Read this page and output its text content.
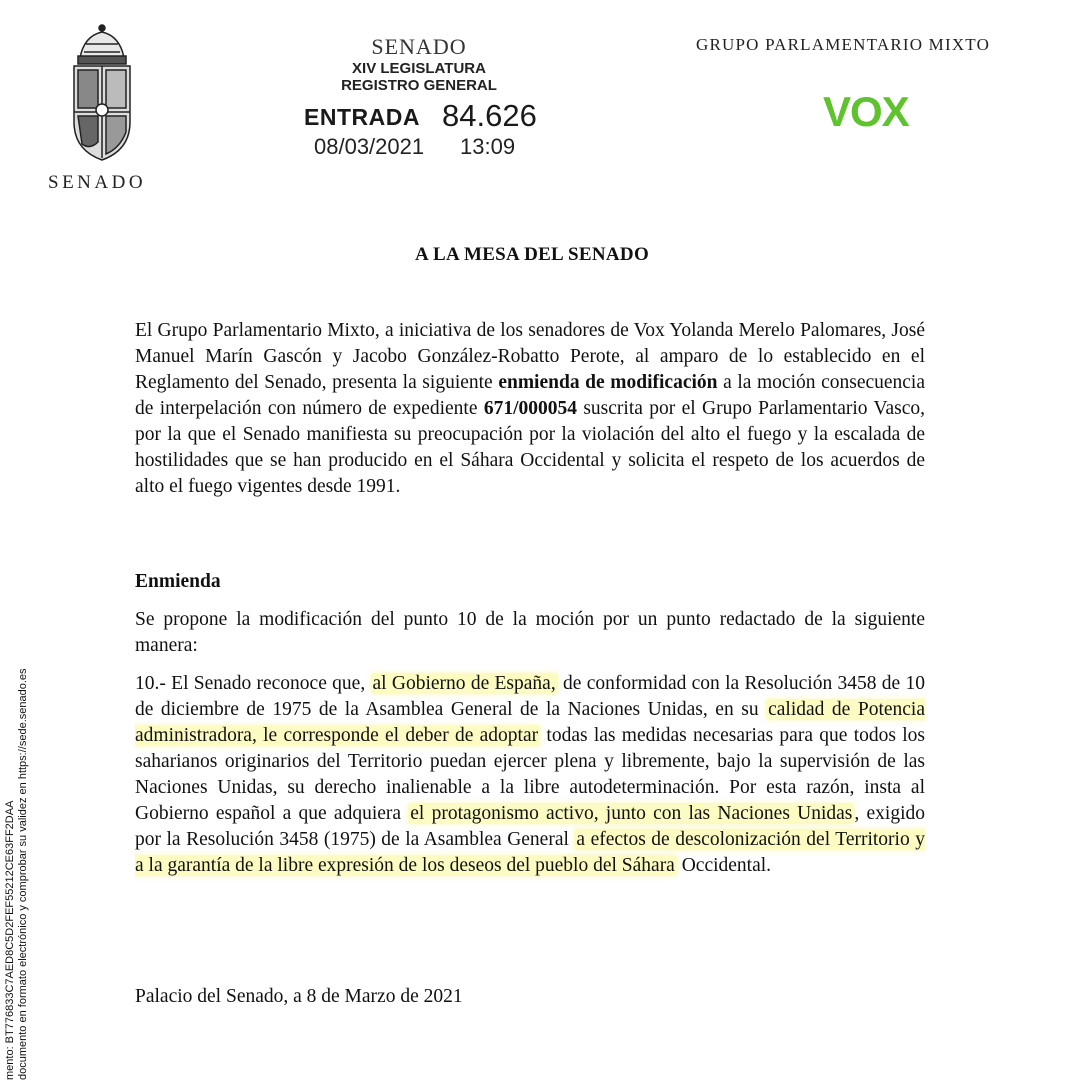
SENADO
SENADO
XIV LEGISLATURA
REGISTRO GENERAL
ENTRADA 84.626
08/03/2021 13:09
GRUPO PARLAMENTARIO MIXTO
VOX
A LA MESA DEL SENADO
El Grupo Parlamentario Mixto, a iniciativa de los senadores de Vox Yolanda Merelo Palomares, José Manuel Marín Gascón y Jacobo González-Robatto Perote, al amparo de lo establecido en el Reglamento del Senado, presenta la siguiente enmienda de modificación a la moción consecuencia de interpelación con número de expediente 671/000054 suscrita por el Grupo Parlamentario Vasco, por la que el Senado manifiesta su preocupación por la violación del alto el fuego y la escalada de hostilidades que se han producido en el Sáhara Occidental y solicita el respeto de los acuerdos de alto el fuego vigentes desde 1991.
Enmienda
Se propone la modificación del punto 10 de la moción por un punto redactado de la siguiente manera:
10.- El Senado reconoce que, al Gobierno de España, de conformidad con la Resolución 3458 de 10 de diciembre de 1975 de la Asamblea General de la Naciones Unidas, en su calidad de Potencia administradora, le corresponde el deber de adoptar todas las medidas necesarias para que todos los saharianos originarios del Territorio puedan ejercer plena y libremente, bajo la supervisión de las Naciones Unidas, su derecho inalienable a la libre autodeterminación. Por esta razón, insta al Gobierno español a que adquiera el protagonismo activo, junto con las Naciones Unidas , exigido por la Resolución 3458 (1975) de la Asamblea General a efectos de descolonización del Territorio y a la garantía de la libre expresión de los deseos del pueblo del Sáhara Occidental.
Palacio del Senado, a 8 de Marzo de 2021
mento: BT776833C7AED8C5D2FEF55212CE63FF2DAA documento en formato electrónico y comprobar su validez en https://sede.senado.es
